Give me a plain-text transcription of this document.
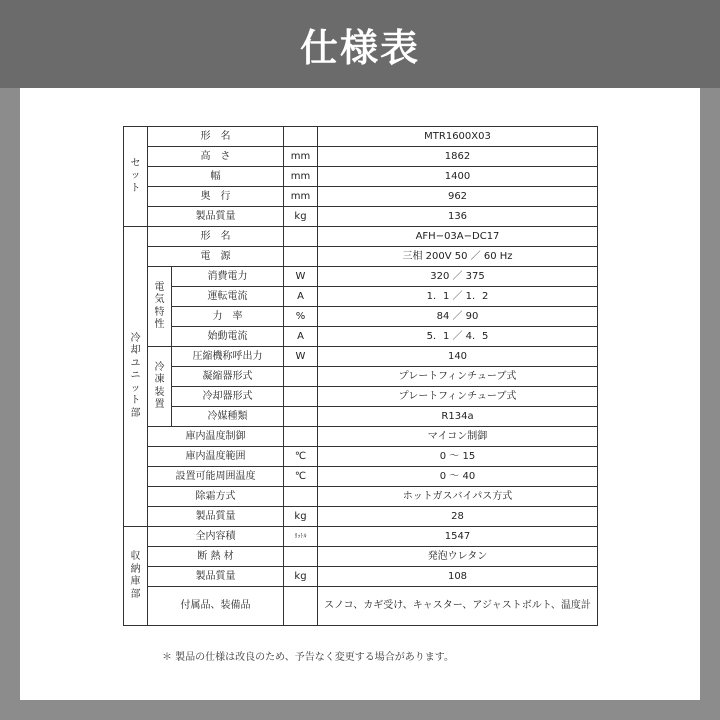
仕様表
セット	形　名			MTR1600X03
	高　さ		mm	1862
	幅		mm	1400
	奥　行		mm	962
	製品質量		kg	136
冷却ユニット部	形　名			AFH−03A−DC17
	電　源			三相 200V 50 ／ 60 Hz
	電気特性	消費電力	W	320 ／ 375
		運転電流	A	1．1 ／ 1．2
		力　率	%	84 ／ 90
		始動電流	A	5．1 ／ 4．5
	冷凍装置	圧縮機称呼出力	W	140
		凝縮器形式		プレートフィンチューブ式
		冷却器形式		プレートフィンチューブ式
		冷媒種類		R134a
	庫内温度制御			マイコン制御
	庫内温度範囲		℃	0 ～ 15
	設置可能周囲温度		℃	0 ～ 40
	除霜方式			ホットガスバイパス方式
	製品質量		kg	28
収納庫部	全内容積		ﾘｯﾄﾙ	1547
	断 熱 材			発泡ウレタン
	製品質量		kg	108
	付属品、装備品			スノコ、カギ受け、キャスター、アジャストボルト、温度計
＊ 製品の仕様は改良のため、予告なく変更する場合があります。
